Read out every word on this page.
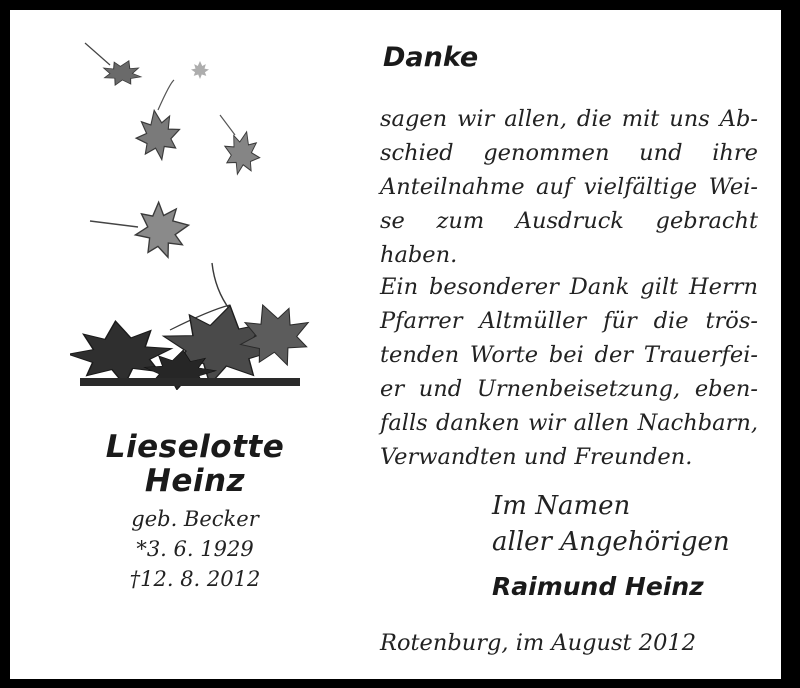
Lieselotte
Heinz
geb. Becker
*3. 6. 1929
†12. 8. 2012
Danke
sagen wir allen, die mit uns Ab-
schied genommen und ihre
Anteilnahme auf vielfältige Wei-
se zum Ausdruck gebracht
haben.
Ein besonderer Dank gilt Herrn
Pfarrer Altmüller für die trös-
tenden Worte bei der Trauerfei-
er und Urnenbeisetzung, eben-
falls danken wir allen Nachbarn,
Verwandten und Freunden.
Im Namen
aller Angehörigen
Raimund Heinz
Rotenburg, im August 2012
